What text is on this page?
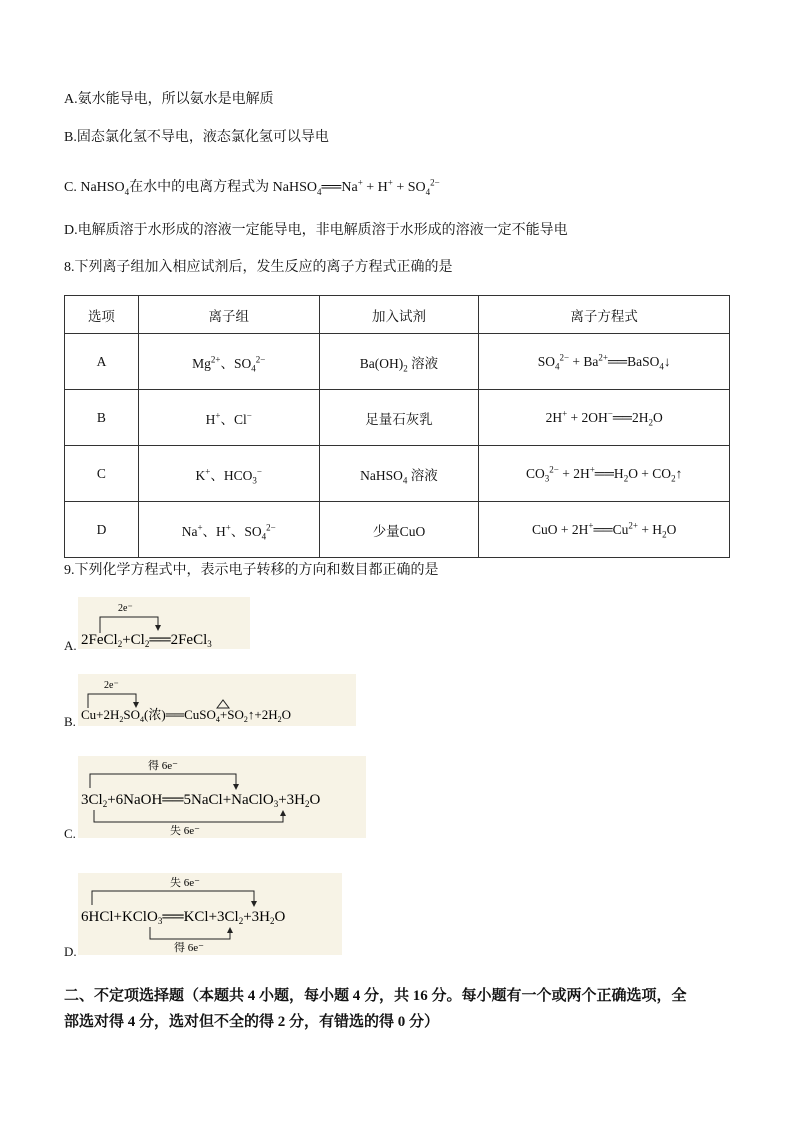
A.氨水能导电，所以氨水是电解质
B.固态氯化氢不导电，液态氯化氢可以导电
C. NaHSO$_4$在水中的电离方程式为 NaHSO$_4$══Na+ + $H^+ + SO_4^{2-}$
D.电解质溶于水形成的溶液一定能导电，非电解质溶于水形成的溶液一定不能导电
8.下列离子组加入相应试剂后，发生反应的离子方程式正确的是
选项	离子组	加入试剂	离子方程式
A	$Mg^{2+}$、$SO_4^{2-}$	$Ba(OH)_2$ 溶液	$SO_4^{2-}$ + $Ba^{2+}══BaSO_4↓$
B	H+、Cl−	足量石灰乳	$2H^+ + 2OH^-══2H_2O$
C	K+、$HCO_3^-$	NaHSO$_4$ 溶液	$CO_3^{2-}$ + $2H^+══H_2O$ + $CO_2↑$
D	Na+、H+、$SO_4^{2-}$	少量CuO	CuO + $2H^+══Cu^{2+} + H_2O$
9.下列化学方程式中，表示电子转移的方向和数目都正确的是
A.
2e⁻
$2FeCl_2+Cl_2══2FeCl_3$
B.
2e⁻
$Cu+2H_2SO_4$(浓)$══CuSO_4+SO_2↑+2H_2O$
C.
得 6e⁻
$3Cl_2+6NaOH══5NaCl+NaClO_3+3H_2O$
失 6e⁻
D.
失 6e⁻
$6HCl+KClO_3══KCl+3Cl_2+3H_2O$
得 6e⁻
二、不定项选择题（本题共 4 小题，每小题 4 分，共 16 分。每小题有一个或两个正确选项，全
部选对得 4 分，选对但不全的得 2 分，有错选的得 0 分）
